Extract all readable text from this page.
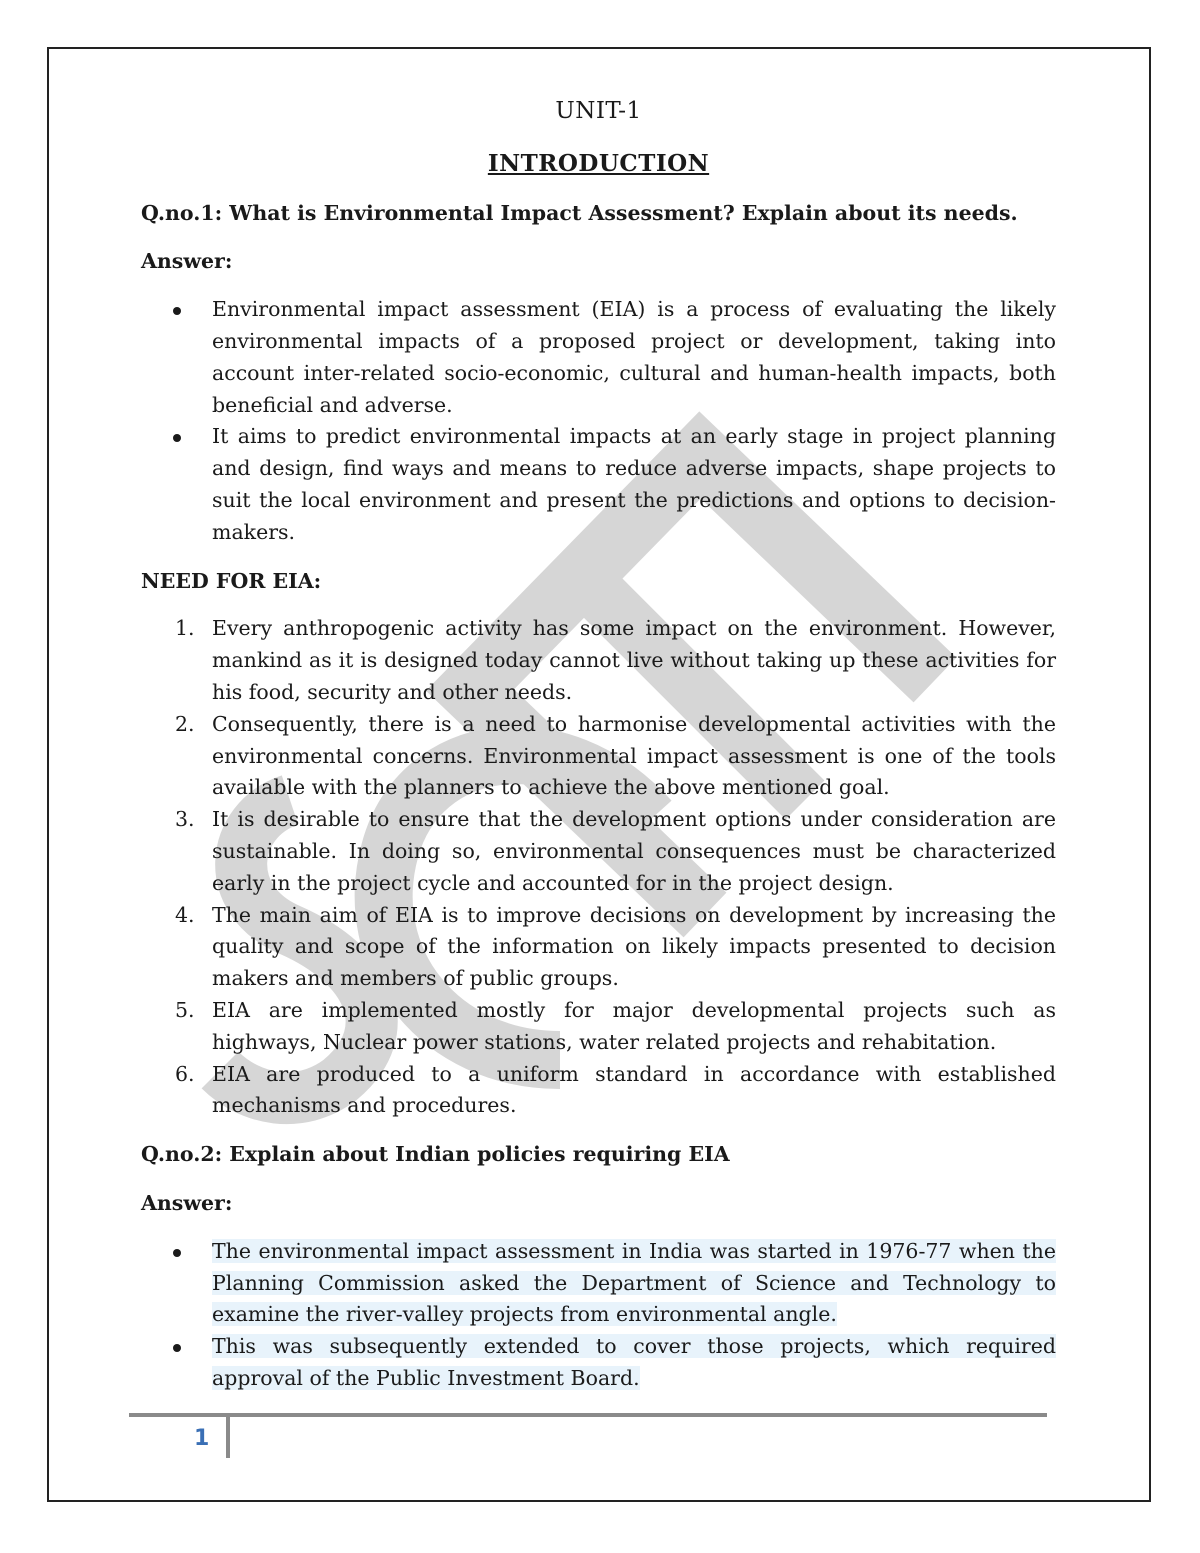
UNIT-1

INTRODUCTION

Q.no.1: What is Environmental Impact Assessment? Explain about its needs.

Answer:

Environmental impact assessment (EIA) is a process of evaluating the likely environmental impacts of a proposed project or development, taking into account inter-related socio-economic, cultural and human-health impacts, both beneficial and adverse.
It aims to predict environmental impacts at an early stage in project planning and design, find ways and means to reduce adverse impacts, shape projects to suit the local environment and present the predictions and options to decision-makers.

NEED FOR EIA:

1. Every anthropogenic activity has some impact on the environment. However, mankind as it is designed today cannot live without taking up these activities for his food, security and other needs.
2. Consequently, there is a need to harmonise developmental activities with the environmental concerns. Environmental impact assessment is one of the tools available with the planners to achieve the above mentioned goal.
3. It is desirable to ensure that the development options under consideration are sustainable. In doing so, environmental consequences must be characterized early in the project cycle and accounted for in the project design.
4. The main aim of EIA is to improve decisions on development by increasing the quality and scope of the information on likely impacts presented to decision makers and members of public groups.
5. EIA are implemented mostly for major developmental projects such as highways, Nuclear power stations, water related projects and rehabitation.
6. EIA are produced to a uniform standard in accordance with established mechanisms and procedures.

Q.no.2: Explain about Indian policies requiring EIA

Answer:

The environmental impact assessment in India was started in 1976-77 when the Planning Commission asked the Department of Science and Technology to examine the river-valley projects from environmental angle.
This was subsequently extended to cover those projects, which required approval of the Public Investment Board.
1
